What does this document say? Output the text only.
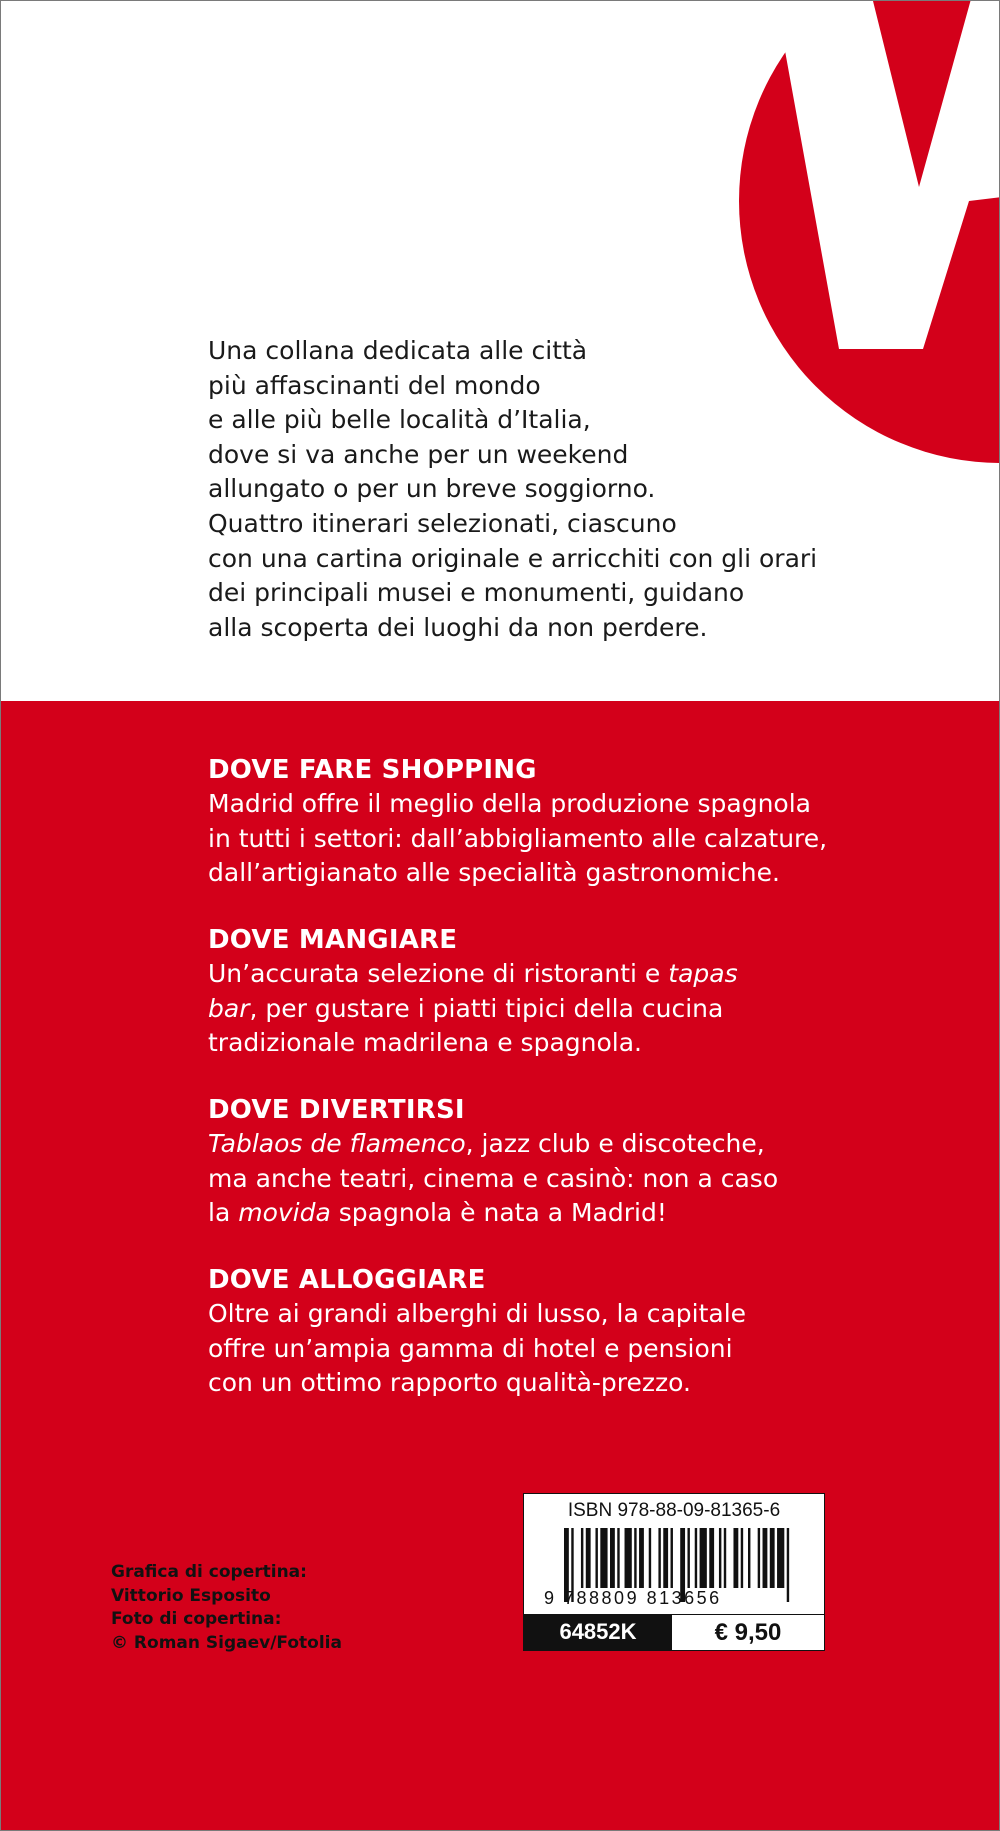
Una collana dedicata alle città
più affascinanti del mondo
e alle più belle località d’Italia,
dove si va anche per un weekend
allungato o per un breve soggiorno.
Quattro itinerari selezionati, ciascuno
con una cartina originale e arricchiti con gli orari
dei principali musei e monumenti, guidano
alla scoperta dei luoghi da non perdere.
DOVE FARE SHOPPING
Madrid offre il meglio della produzione spagnola
in tutti i settori: dall’abbigliamento alle calzature,
dall’artigianato alle specialità gastronomiche.
DOVE MANGIARE
Un’accurata selezione di ristoranti e tapas
bar, per gustare i piatti tipici della cucina
tradizionale madrilena e spagnola.
DOVE DIVERTIRSI
Tablaos de flamenco, jazz club e discoteche,
ma anche teatri, cinema e casinò: non a caso
la movida spagnola è nata a Madrid!
DOVE ALLOGGIARE
Oltre ai grandi alberghi di lusso, la capitale
offre un’ampia gamma di hotel e pensioni
con un ottimo rapporto qualità-prezzo.
Grafica di copertina:
Vittorio Esposito
Foto di copertina:
© Roman Sigaev/Fotolia
ISBN 978-88-09-81365-6
9 788809 813656
64852K	€ 9,50
